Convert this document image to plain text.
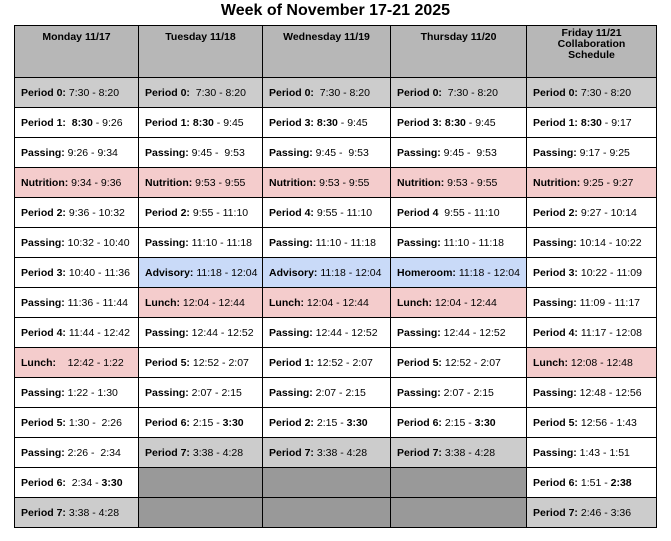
Week of November 17-21 2025
Monday 11/17	Tuesday 11/18	Wednesday 11/19	Thursday 11/20	Friday 11/21 Collaboration Schedule
Period 0: 7:30 - 8:20	Period 0:  7:30 - 8:20	Period 0:  7:30 - 8:20	Period 0:  7:30 - 8:20	Period 0: 7:30 - 8:20
Period 1: 8:30 - 9:26	Period 1: 8:30 - 9:45	Period 3: 8:30 - 9:45	Period 3: 8:30 - 9:45	Period 1: 8:30 - 9:17
Passing: 9:26 - 9:34	Passing: 9:45 -  9:53	Passing: 9:45 -  9:53	Passing: 9:45 -  9:53	Passing: 9:17 - 9:25
Nutrition: 9:34 - 9:36	Nutrition: 9:53 - 9:55	Nutrition: 9:53 - 9:55	Nutrition: 9:53 - 9:55	Nutrition: 9:25 - 9:27
Period 2: 9:36 - 10:32	Period 2: 9:55 - 11:10	Period 4: 9:55 - 11:10	Period 4  9:55 - 11:10	Period 2: 9:27 - 10:14
Passing: 10:32 - 10:40	Passing: 11:10 - 11:18	Passing: 11:10 - 11:18	Passing: 11:10 - 11:18	Passing: 10:14 - 10:22
Period 3: 10:40 - 11:36	Advisory: 11:18 - 12:04	Advisory: 11:18 - 12:04	Homeroom: 11:18 - 12:04	Period 3: 10:22 - 11:09
Passing: 11:36 - 11:44	Lunch: 12:04 - 12:44	Lunch: 12:04 - 12:44	Lunch: 12:04 - 12:44	Passing: 11:09 - 11:17
Period 4: 11:44 - 12:42	Passing: 12:44 - 12:52	Passing: 12:44 - 12:52	Passing: 12:44 - 12:52	Period 4: 11:17 - 12:08
Lunch:    12:42 - 1:22	Period 5: 12:52 - 2:07	Period 1: 12:52 - 2:07	Period 5: 12:52 - 2:07	Lunch: 12:08 - 12:48
Passing: 1:22 - 1:30	Passing: 2:07 - 2:15	Passing: 2:07 - 2:15	Passing: 2:07 - 2:15	Passing: 12:48 - 12:56
Period 5: 1:30 -  2:26	Period 6: 2:15 - 3:30	Period 2: 2:15 - 3:30	Period 6: 2:15 - 3:30	Period 5: 12:56 - 1:43
Passing: 2:26 -  2:34	Period 7: 3:38 - 4:28	Period 7: 3:38 - 4:28	Period 7: 3:38 - 4:28	Passing: 1:43 - 1:51
Period 6:  2:34 - 3:30				Period 6: 1:51 - 2:38
Period 7: 3:38 - 4:28				Period 7: 2:46 - 3:36
